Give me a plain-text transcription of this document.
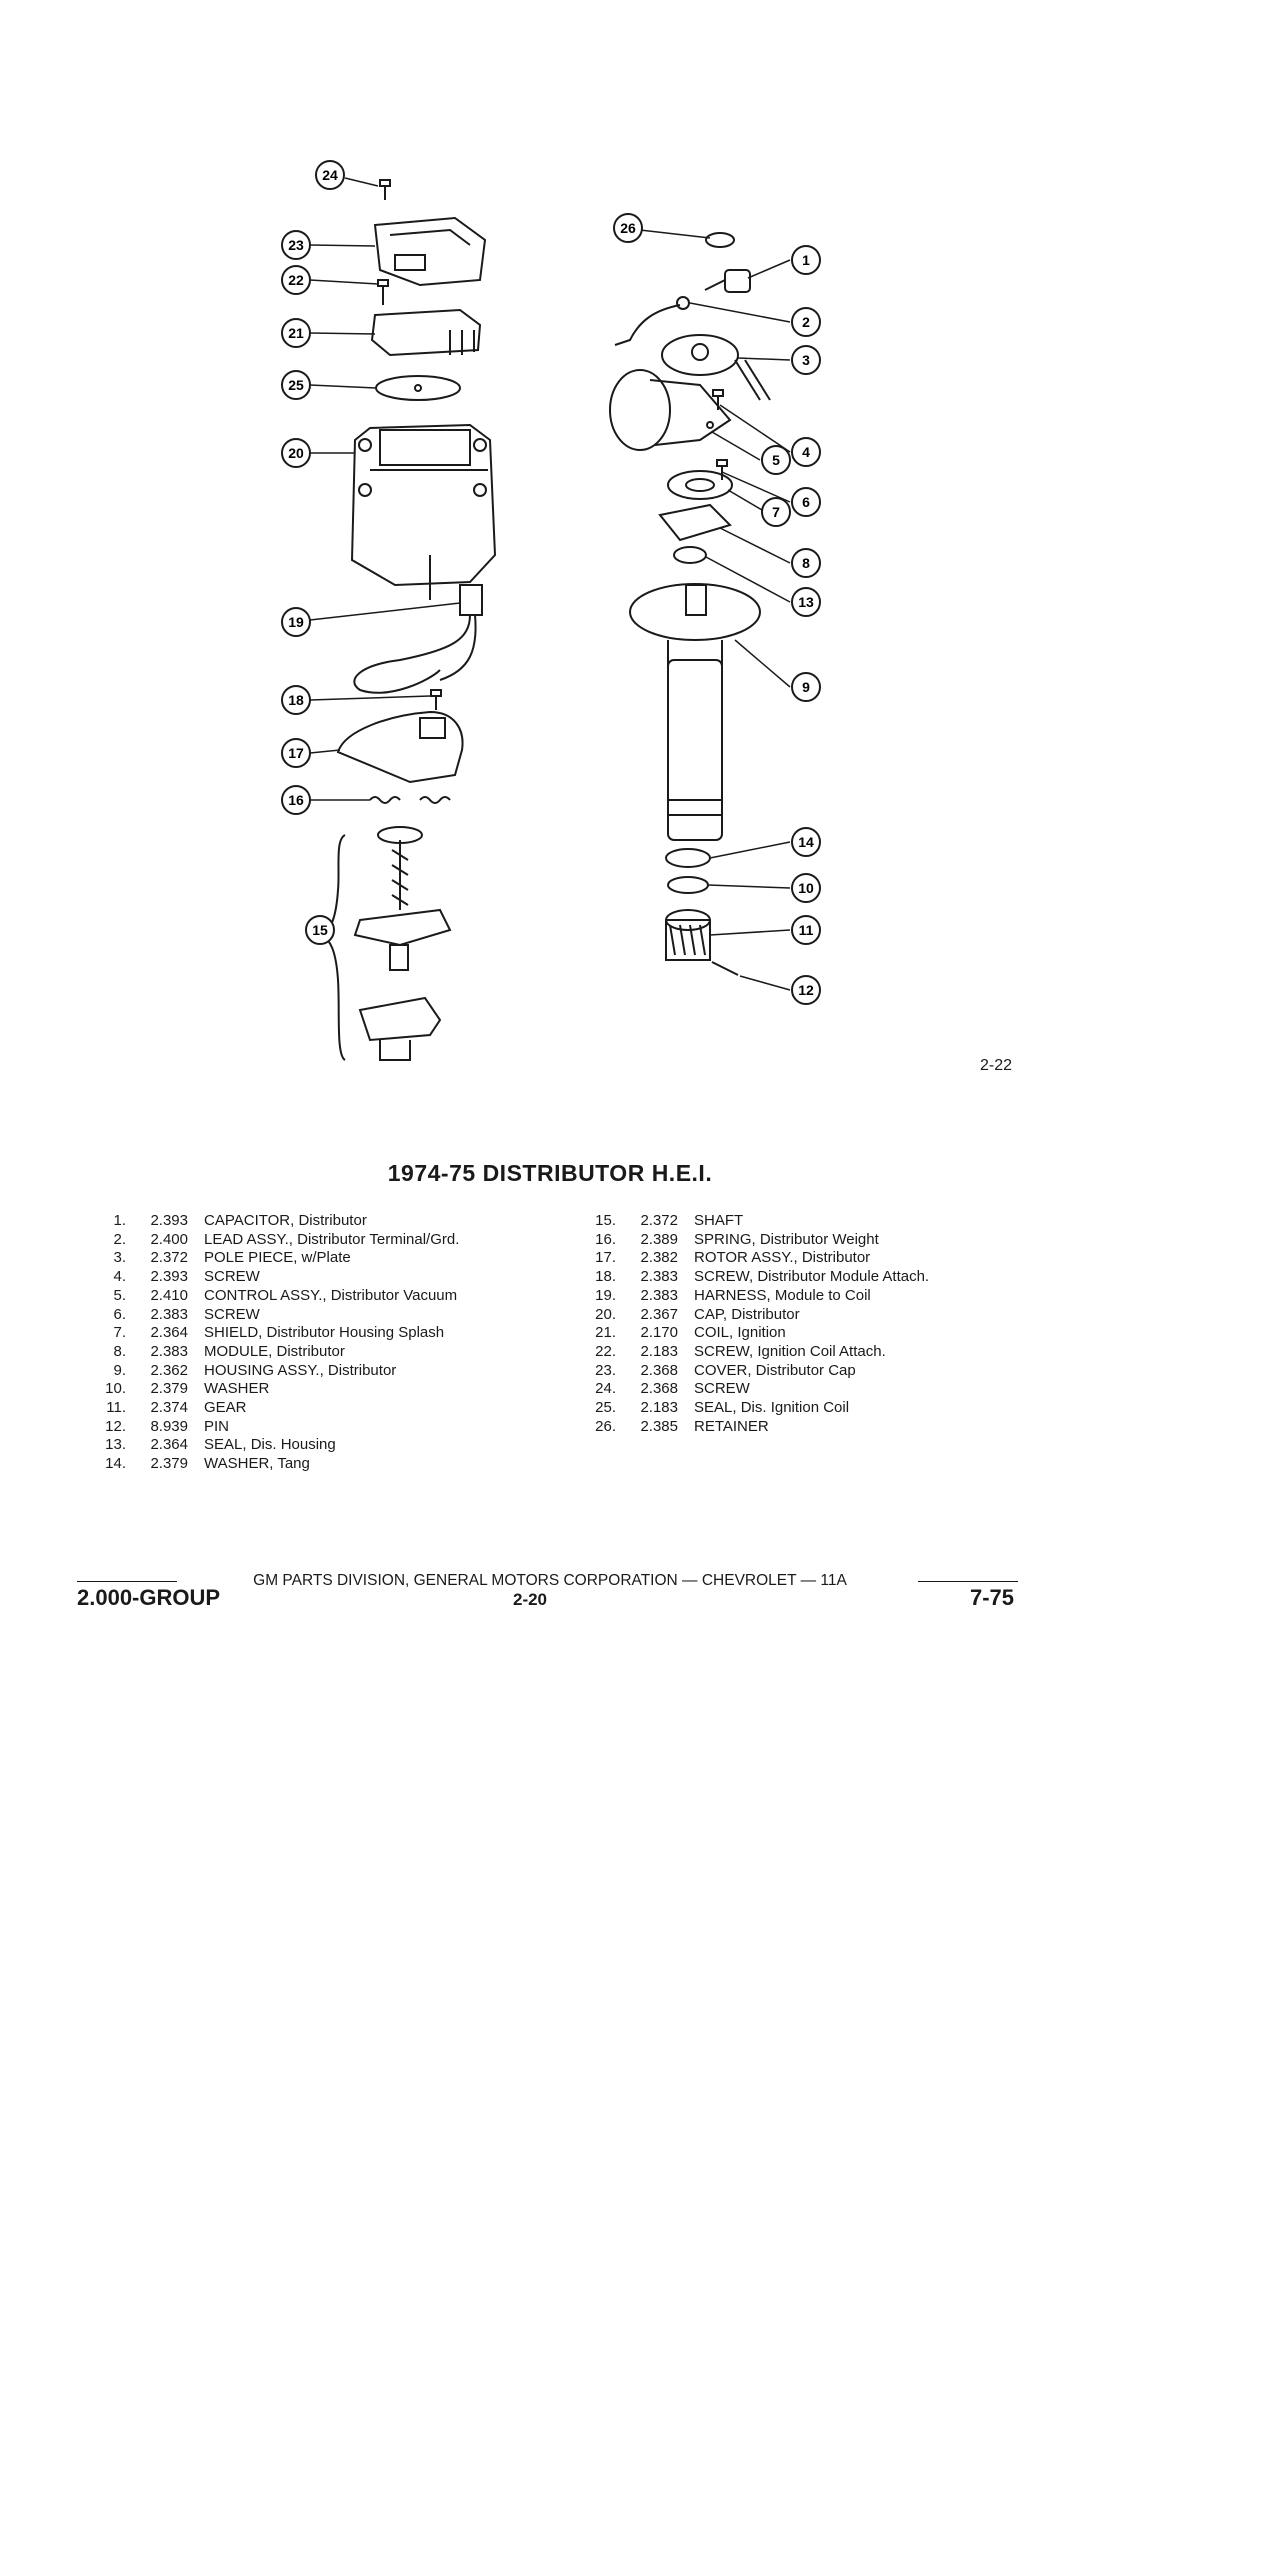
24
23
22
21
25
20
19
18
17
16
15
26
1
2
3
4
5
6
7
8
13
9
14
10
11
12
2-22
1974-75 DISTRIBUTOR H.E.I.
1.	2.393	CAPACITOR, Distributor
2.	2.400	LEAD ASSY., Distributor Terminal/Grd.
3.	2.372	POLE PIECE, w/Plate
4.	2.393	SCREW
5.	2.410	CONTROL ASSY., Distributor Vacuum
6.	2.383	SCREW
7.	2.364	SHIELD, Distributor Housing Splash
8.	2.383	MODULE, Distributor
9.	2.362	HOUSING ASSY., Distributor
10.	2.379	WASHER
11.	2.374	GEAR
12.	8.939	PIN
13.	2.364	SEAL, Dis. Housing
14.	2.379	WASHER, Tang
15.	2.372	SHAFT
16.	2.389	SPRING, Distributor Weight
17.	2.382	ROTOR ASSY., Distributor
18.	2.383	SCREW, Distributor Module Attach.
19.	2.383	HARNESS, Module to Coil
20.	2.367	CAP, Distributor
21.	2.170	COIL, Ignition
22.	2.183	SCREW, Ignition Coil Attach.
23.	2.368	COVER, Distributor Cap
24.	2.368	SCREW
25.	2.183	SEAL, Dis. Ignition Coil
26.	2.385	RETAINER
GM PARTS DIVISION, GENERAL MOTORS CORPORATION — CHEVROLET — 11A
2.000-GROUP	2-20	7-75
